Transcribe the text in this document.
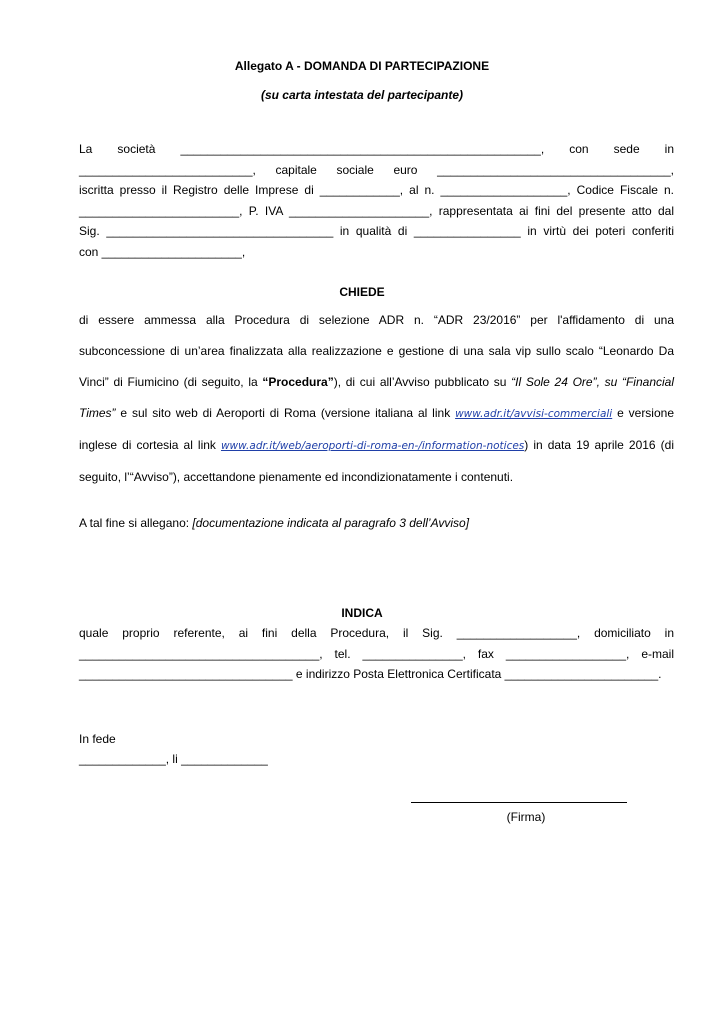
Allegato A - DOMANDA DI PARTECIPAZIONE
(su carta intestata del partecipante)
La società ______________________________________________________, con sede in
__________________________, capitale sociale euro ___________________________________,
iscritta presso il Registro delle Imprese di ____________, al n. ___________________, Codice Fiscale n.
________________________, P. IVA _____________________, rappresentata ai fini del presente atto dal
Sig. __________________________________ in qualità di ________________ in virtù dei poteri conferiti
con _____________________,
CHIEDE
di essere ammessa alla Procedura di selezione ADR n. “ADR 23/2016” per l'affidamento di una
subconcessione di un’area finalizzata alla realizzazione e gestione di una sala vip sullo scalo “Leonardo Da
Vinci” di Fiumicino (di seguito, la “Procedura”), di cui all’Avviso pubblicato su “Il Sole 24 Ore”, su “Financial
Times” e sul sito web di Aeroporti di Roma (versione italiana al link www.adr.it/avvisi-commerciali e versione
inglese di cortesia al link www.adr.it/web/aeroporti-di-roma-en-/information-notices) in data 19 aprile 2016 (di
seguito, l’“Avviso”), accettandone pienamente ed incondizionatamente i contenuti.
A tal fine si allegano: [documentazione indicata al paragrafo 3 dell’Avviso]
INDICA
quale proprio referente, ai fini della Procedura, il Sig. __________________, domiciliato in
____________________________________, tel. _______________, fax __________________, e-mail
________________________________ e indirizzo Posta Elettronica Certificata _______________________.
In fede
_____________, li _____________
(Firma)
